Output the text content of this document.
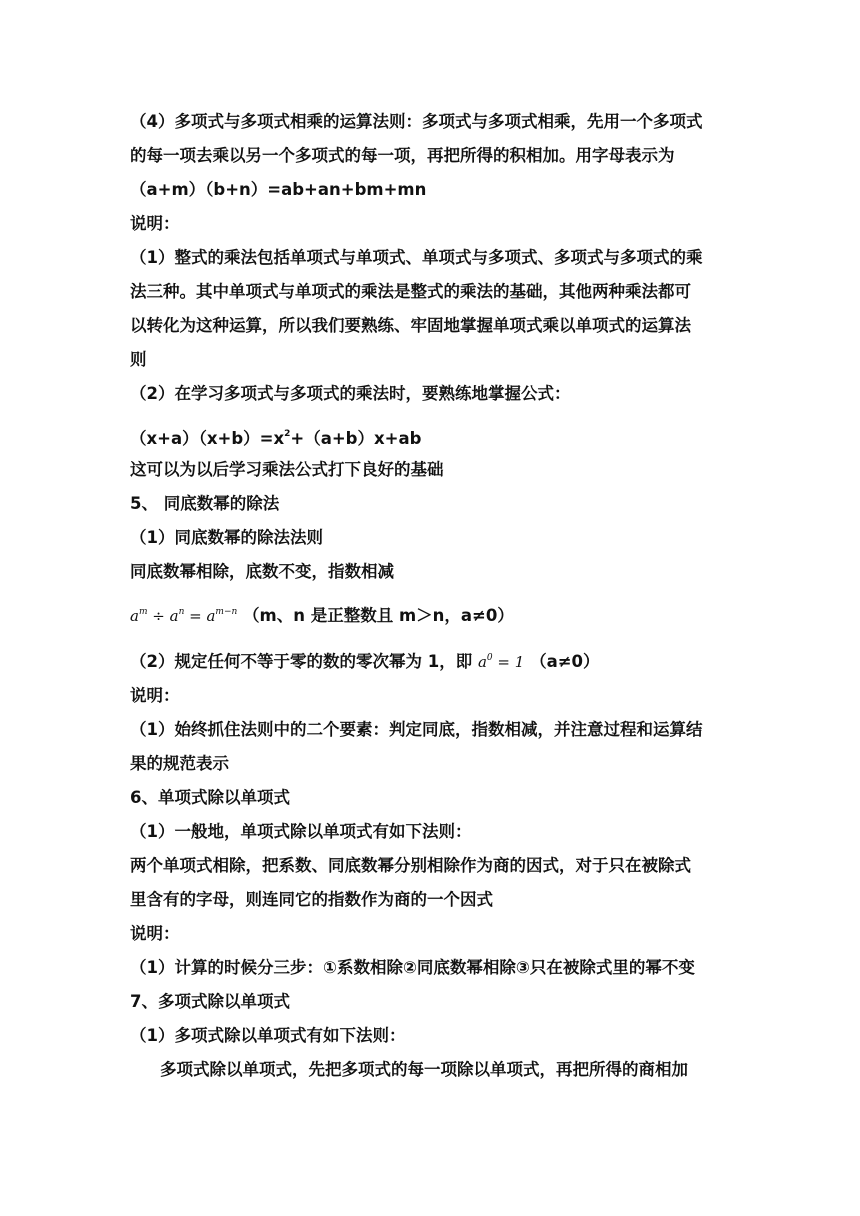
（4）多项式与多项式相乘的运算法则：多项式与多项式相乘，先用一个多项式
的每一项去乘以另一个多项式的每一项，再把所得的积相加。用字母表示为
（a+m）（b+n）=ab+an+bm+mn
说明：
（1）整式的乘法包括单项式与单项式、单项式与多项式、多项式与多项式的乘
法三种。其中单项式与单项式的乘法是整式的乘法的基础，其他两种乘法都可
以转化为这种运算，所以我们要熟练、牢固地掌握单项式乘以单项式的运算法
则
（2）在学习多项式与多项式的乘法时，要熟练地掌握公式：
$(x+a)(x+b)=x^2+(a+b)x+ab$
这可以为以后学习乘法公式打下良好的基础
5、 同底数幂的除法
（1）同底数幂的除法法则
同底数幂相除，底数不变，指数相减
$a^m \div a^n = a^{m-n}$ （m、n 是正整数且 m＞n，a≠0）
（2）规定任何不等于零的数的零次幂为 1，即 $a^0 = 1$ （a≠0）
说明：
（1）始终抓住法则中的二个要素：判定同底，指数相减，并注意过程和运算结
果的规范表示
6、单项式除以单项式
（1）一般地，单项式除以单项式有如下法则：
两个单项式相除，把系数、同底数幂分别相除作为商的因式，对于只在被除式
里含有的字母，则连同它的指数作为商的一个因式
说明：
（1）计算的时候分三步：①系数相除②同底数幂相除③只在被除式里的幂不变
7、多项式除以单项式
（1）多项式除以单项式有如下法则：
多项式除以单项式，先把多项式的每一项除以单项式，再把所得的商相加
